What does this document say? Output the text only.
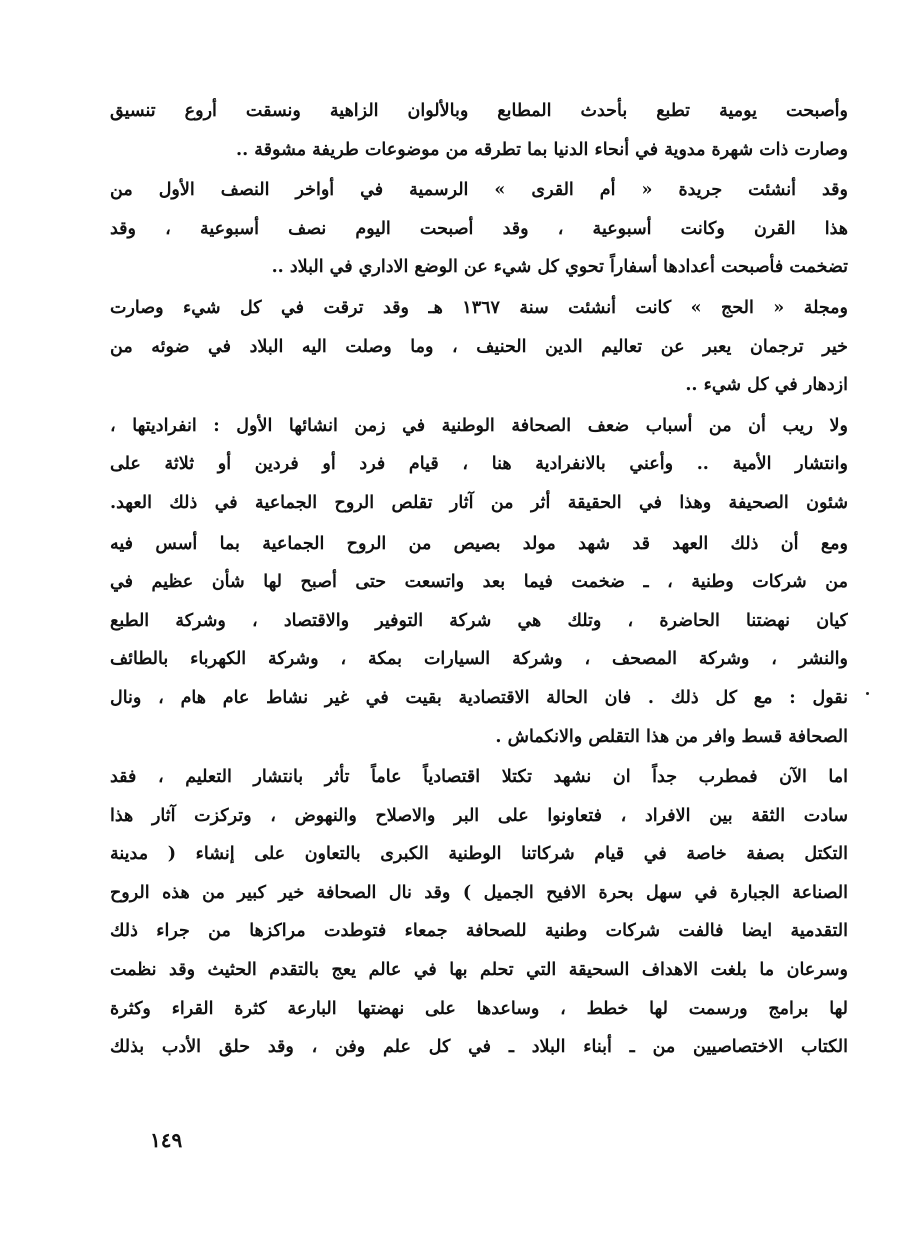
وأصبحت يومية تطبع بأحدث المطابع وبالألوان الزاهية ونسقت أروع تنسيق
وصارت ذات شهرة مدوية في أنحاء الدنيا بما تطرقه من موضوعات طريفة مشوقة ..
وقد أنشئت جريدة « أم القرى » الرسمية في أواخر النصف الأول من
هذا القرن وكانت أسبوعية ، وقد أصبحت اليوم نصف أسبوعية ، وقد
تضخمت فأصبحت أعدادها أسفاراً تحوي كل شيء عن الوضع الاداري في البلاد ..
ومجلة « الحج » كانت أنشئت سنة ١٣٦٧ هـ وقد ترقت في كل شيء وصارت
خير ترجمان يعبر عن تعاليم الدين الحنيف ، وما وصلت اليه البلاد في ضوئه من
ازدهار في كل شيء ..
ولا ريب أن من أسباب ضعف الصحافة الوطنية في زمن انشائها الأول : انفراديتها ،
وانتشار الأمية .. وأعني بالانفرادية هنا ، قيام فرد أو فردين أو ثلاثة على
شئون الصحيفة وهذا في الحقيقة أثر من آثار تقلص الروح الجماعية في ذلك العهد.
ومع أن ذلك العهد قد شهد مولد بصيص من الروح الجماعية بما أسس فيه
من شركات وطنية ، ـ ضخمت فيما بعد واتسعت حتى أصبح لها شأن عظيم في
كيان نهضتنا الحاضرة ، وتلك هي شركة التوفير والاقتصاد ، وشركة الطبع
والنشر ، وشركة المصحف ، وشركة السيارات بمكة ، وشركة الكهرباء بالطائف
نقول : مع كل ذلك . فان الحالة الاقتصادية بقيت في غير نشاط عام هام ، ونال
الصحافة قسط وافر من هذا التقلص والانكماش .
اما الآن فمطرب جداً ان نشهد تكتلا اقتصادياً عاماً تأثر بانتشار التعليم ، فقد
سادت الثقة بين الافراد ، فتعاونوا على البر والاصلاح والنهوض ، وتركزت آثار هذا
التكتل بصفة خاصة في قيام شركاتنا الوطنية الكبرى بالتعاون على إنشاء ( مدينة
الصناعة الجبارة في سهل بحرة الافيح الجميل ) وقد نال الصحافة خير كبير من هذه الروح
التقدمية ايضا فالفت شركات وطنية للصحافة جمعاء فتوطدت مراكزها من جراء ذلك
وسرعان ما بلغت الاهداف السحيقة التي تحلم بها في عالم يعج بالتقدم الحثيث وقد نظمت
لها برامج ورسمت لها خطط ، وساعدها على نهضتها البارعة كثرة القراء وكثرة
الكتاب الاختصاصيين من ـ أبناء البلاد ـ في كل علم وفن ، وقد حلق الأدب بذلك
١٤٩
